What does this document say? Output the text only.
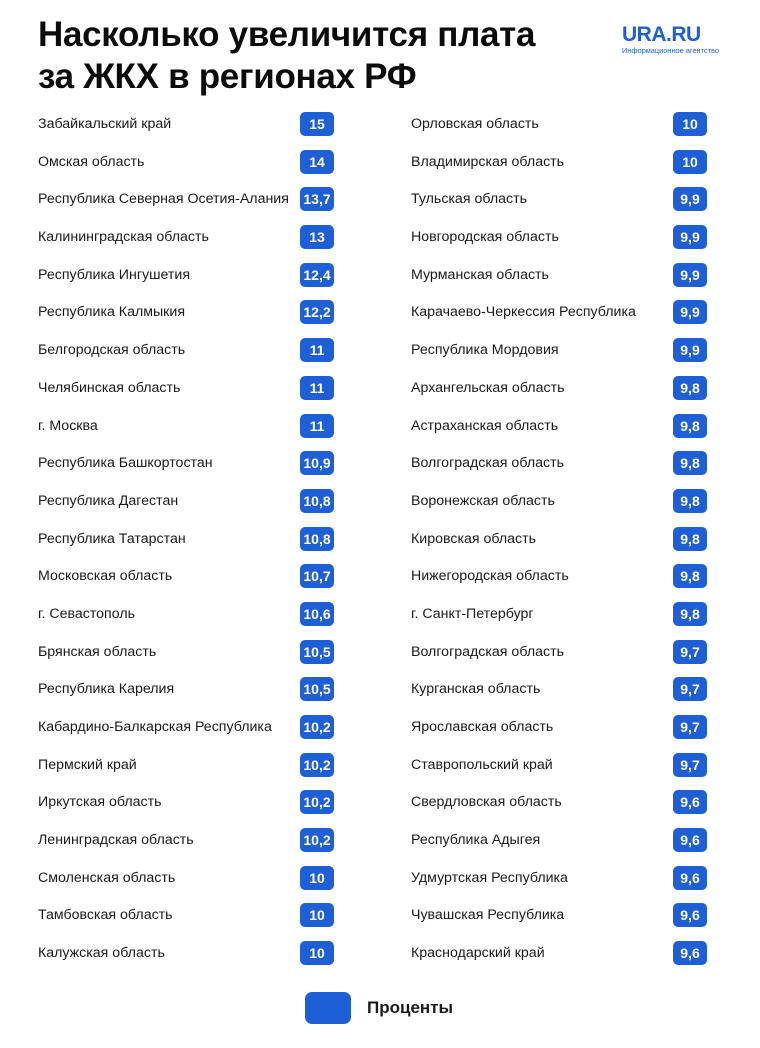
Насколько увеличится плата
за ЖКХ в регионах РФ
URA.RU
Информационное агентство
Забайкальский край	15
Омская область	14
Республика Северная Осетия-Алания 13,7
Калининградская область	13
Республика Ингушетия	12,4
Республика Калмыкия	12,2
Белгородская область	11
Челябинская область	11
г. Москва	11
Республика Башкортостан	10,9
Республика Дагестан	10,8
Республика Татарстан	10,8
Московская область	10,7
г. Севастополь	10,6
Брянская область	10,5
Республика Карелия	10,5
Кабардино-Балкарская Республика 10,2
Пермский край	10,2
Иркутская область	10,2
Ленинградская область	10,2
Смоленская область	10
Тамбовская область	10
Калужская область	10
Орловская область	10
Владимирская область	10
Тульская область	9,9
Новгородская область	9,9
Мурманская область	9,9
Карачаево-Черкессия Республика	9,9
Республика Мордовия	9,9
Архангельская область	9,8
Астраханская область	9,8
Волгоградская область	9,8
Воронежская область	9,8
Кировская область	9,8
Нижегородская область	9,8
г. Санкт-Петербург	9,8
Волгоградская область	9,7
Курганская область	9,7
Ярославская область	9,7
Ставропольский край	9,7
Свердловская область	9,6
Республика Адыгея	9,6
Удмуртская Республика	9,6
Чувашская Республика	9,6
Краснодарский край	9,6
Проценты
